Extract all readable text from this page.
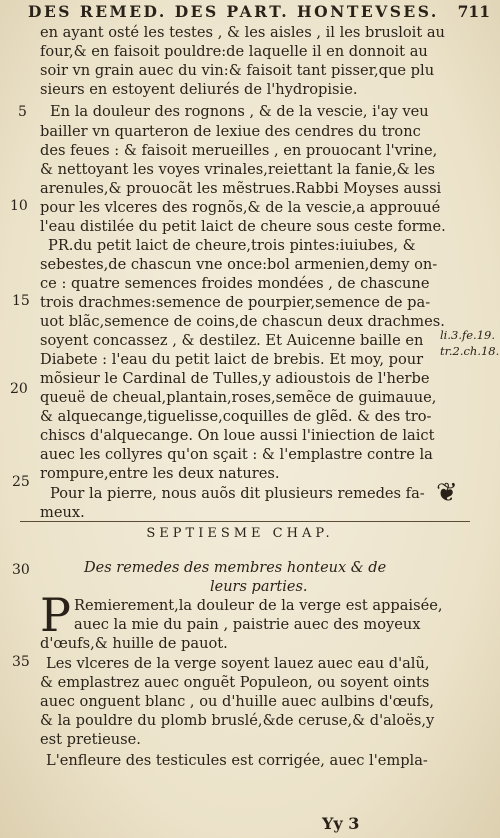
DES REMED. DES PART. HONTEVSES. 711
en ayant osté les testes , & les aisles , il les brusloit au
four,& en faisoit pouldre:de laquelle il en donnoit au
soir vn grain auec du vin:& faisoit tant pisser,que plu
sieurs en estoyent deliurés de l'hydropisie.
En la douleur des rognons , & de la vescie, i'ay veu
bailler vn quarteron de lexiue des cendres du tronc
des feues : & faisoit merueilles , en prouocant l'vrine,
& nettoyant les voyes vrinales,reiettant la fanie,& les
arenules,& prouocãt les mẽstrues.Rabbi Moyses aussi
pour les vlceres des rognõs,& de la vescie,a approuué
l'eau distilée du petit laict de cheure sous ceste forme.
PR.du petit laict de cheure,trois pintes:iuiubes, &
sebestes,de chascun vne once:bol armenien,demy on-
ce : quatre semences froides mondées , de chascune
trois drachmes:semence de pourpier,semence de pa-
uot blãc,semence de coins,de chascun deux drachmes.
soyent concassez , & destilez. Et Auicenne baille en
Diabete : l'eau du petit laict de brebis. Et moy, pour
mõsieur le Cardinal de Tulles,y adioustois de l'herbe
queuë de cheual,plantain,roses,semẽce de guimauue,
& alquecange,tiguelisse,coquilles de glẽd. & des tro-
chiscs d'alquecange. On loue aussi l'iniection de laict
auec les collyres qu'on sçait : & l'emplastre contre la
rompure,entre les deux natures.
Pour la pierre, nous auõs dit plusieurs remedes fa-
meux.
5
10
15
20
25
30
35
li.3.fe.19.
tr.2.ch.18.
❦
SEPTIESME CHAP.
Des remedes des membres honteux & de
leurs parties.
P Remierement,la douleur de la verge est appaisée,
auec la mie du pain , paistrie auec des moyeux
d'œufs,& huille de pauot.
Les vlceres de la verge soyent lauez auec eau d'alũ,
& emplastrez auec onguẽt Populeon, ou soyent oints
auec onguent blanc , ou d'huille auec aulbins d'œufs,
& la pouldre du plomb bruslé,&de ceruse,& d'aloës,y
est pretieuse.
L'enfleure des testicules est corrigée, auec l'empla-
Yy 3
